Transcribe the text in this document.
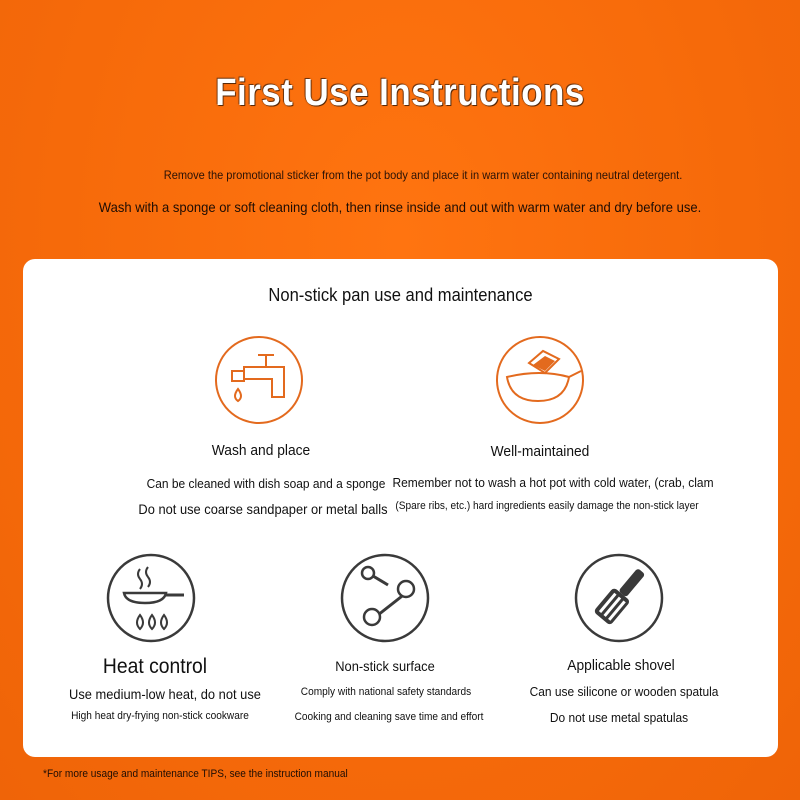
First Use Instructions
Remove the promotional sticker from the pot body and place it in warm water containing neutral detergent.
Wash with a sponge or soft cleaning cloth, then rinse inside and out with warm water and dry before use.
Non-stick pan use and maintenance
Wash and place
Can be cleaned with dish soap and a sponge
Do not use coarse sandpaper or metal balls
Well-maintained
Remember not to wash a hot pot with cold water, (crab, clam
(Spare ribs, etc.) hard ingredients easily damage the non-stick layer
Heat control
Use medium-low heat, do not use
High heat dry-frying non-stick cookware
Non-stick surface
Comply with national safety standards
Cooking and cleaning save time and effort
Applicable shovel
Can use silicone or wooden spatula
Do not use metal spatulas
*For more usage and maintenance TIPS, see the instruction manual
